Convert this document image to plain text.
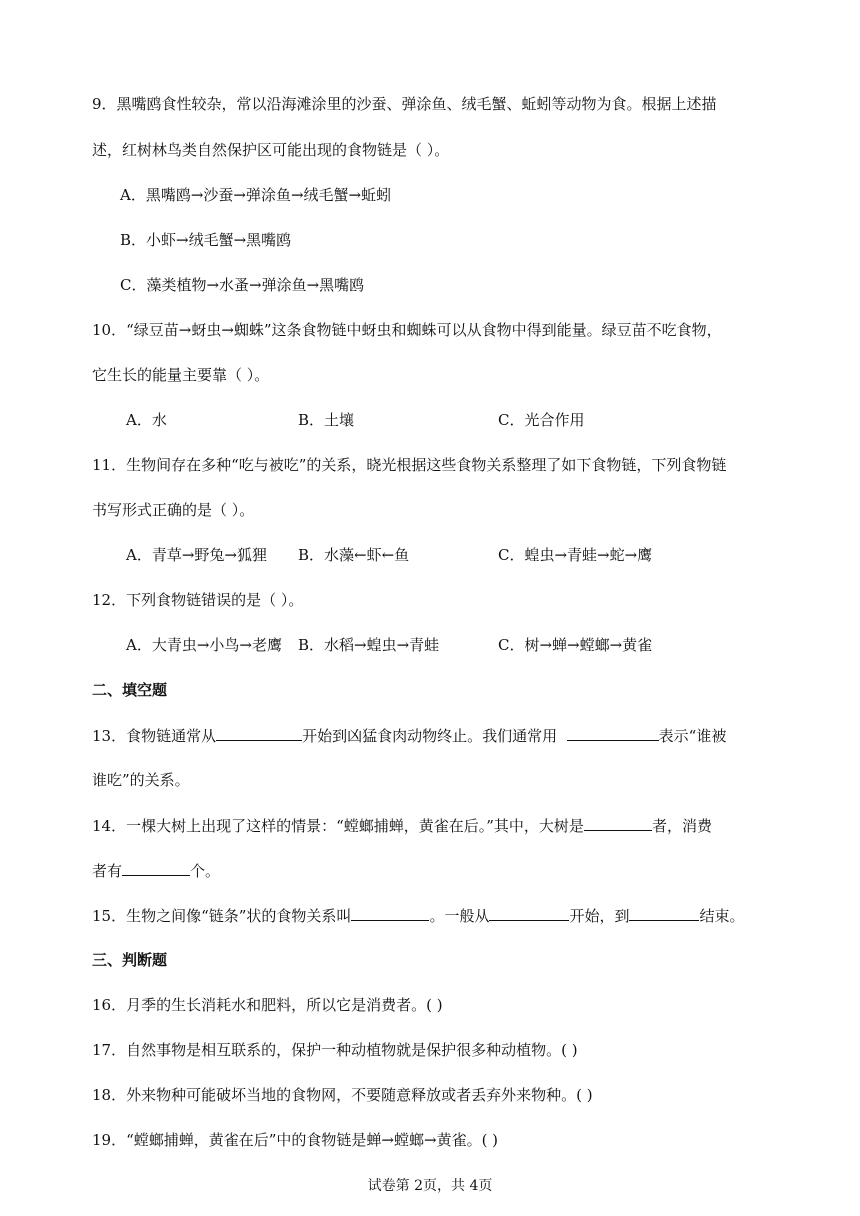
9．黑嘴鸥食性较杂，常以沿海滩涂里的沙蚕、弹涂鱼、绒毛蟹、蚯蚓等动物为食。根据上述描
述，红树林鸟类自然保护区可能出现的食物链是（ ）。
A．黑嘴鸥→沙蚕→弹涂鱼→绒毛蟹→蚯蚓
B．小虾→绒毛蟹→黑嘴鸥
C．藻类植物→水蚤→弹涂鱼→黑嘴鸥
10．“绿豆苗→蚜虫→蜘蛛”这条食物链中蚜虫和蜘蛛可以从食物中得到能量。绿豆苗不吃食物，
它生长的能量主要靠（ ）。
A．水	B．土壤	C．光合作用
11．生物间存在多种“吃与被吃”的关系，晓光根据这些食物关系整理了如下食物链，下列食物链
书写形式正确的是（ ）。
A．青草→野兔→狐狸 B．水藻←虾←鱼	C．蝗虫→青蛙→蛇→鹰
12．下列食物链错误的是（ ）。
A．大青虫→小鸟→老鹰 B．水稻→蝗虫→青蛙	C．树→蝉→螳螂→黄雀
二、填空题
13．食物链通常从	开始到凶猛食肉动物终止。我们通常用	表示“谁被
谁吃”的关系。
14．一棵大树上出现了这样的情景：“螳螂捕蝉，黄雀在后。”其中，大树是	者，消费
者有	个。
15．生物之间像“链条”状的食物关系叫	。一般从	开始，到	结束。
三、判断题
16．月季的生长消耗水和肥料，所以它是消费者。( )
17．自然事物是相互联系的，保护一种动植物就是保护很多种动植物。( )
18．外来物种可能破坏当地的食物网，不要随意释放或者丢弃外来物种。( )
19．“螳螂捕蝉，黄雀在后”中的食物链是蝉→螳螂→黄雀。( )
试卷第 2页，共 4页
